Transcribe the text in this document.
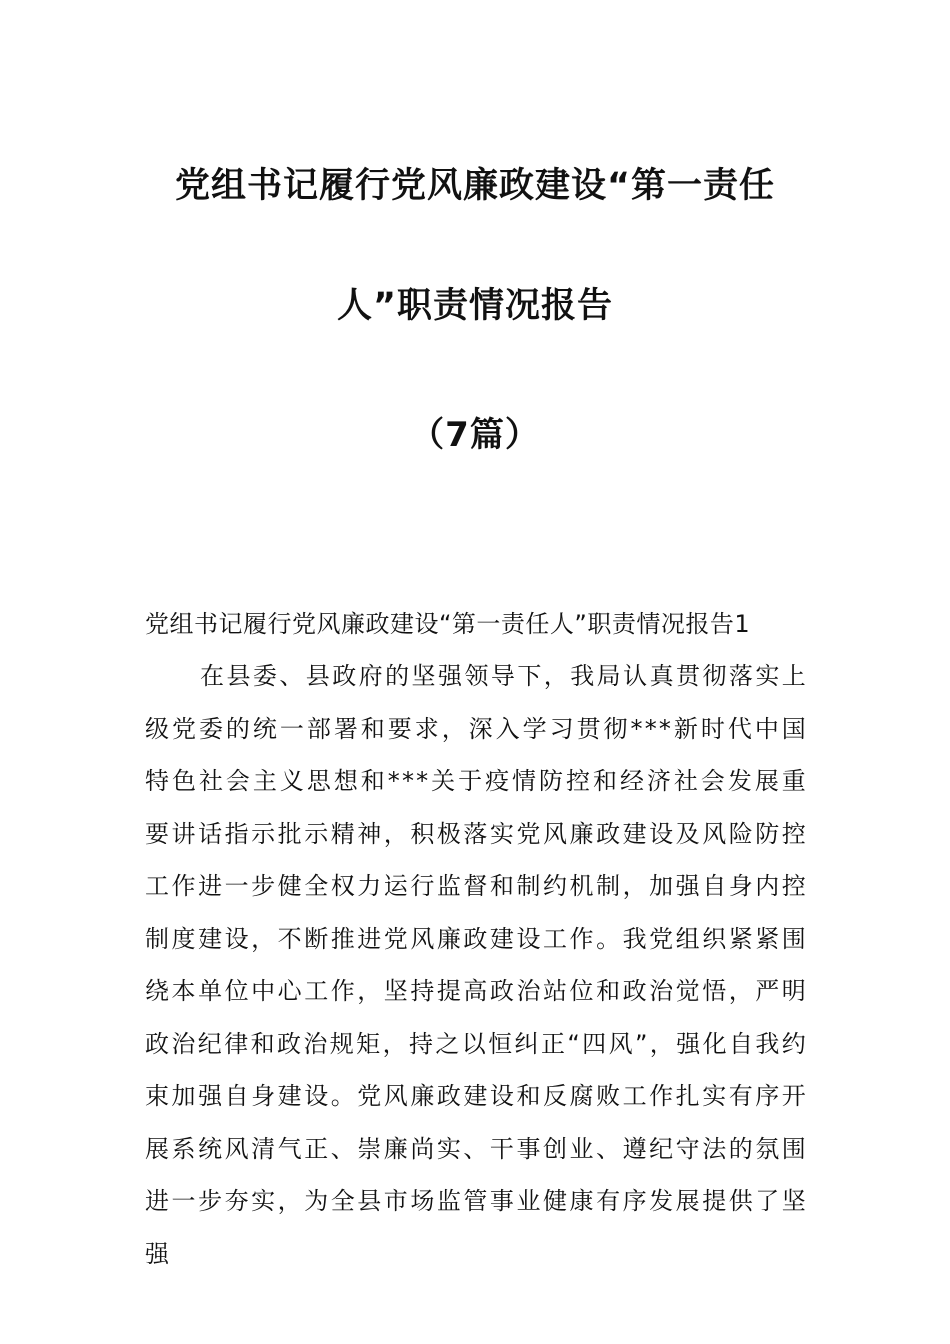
党组书记履行党风廉政建设“第一责任
人”职责情况报告
（7篇）
党组书记履行党风廉政建设“第一责任人”职责情况报告1
在县委、县政府的坚强领导下，我局认真贯彻落实上级党委的统一部署和要求，深入学习贯彻***新时代中国特色社会主义思想和***关于疫情防控和经济社会发展重要讲话指示批示精神，积极落实党风廉政建设及风险防控工作进一步健全权力运行监督和制约机制，加强自身内控制度建设，不断推进党风廉政建设工作。我党组织紧紧围绕本单位中心工作，坚持提高政治站位和政治觉悟，严明政治纪律和政治规矩，持之以恒纠正“四风”，强化自我约束加强自身建设。党风廉政建设和反腐败工作扎实有序开展系统风清气正、崇廉尚实、干事创业、遵纪守法的氛围进一步夯实，为全县市场监管事业健康有序发展提供了坚强
